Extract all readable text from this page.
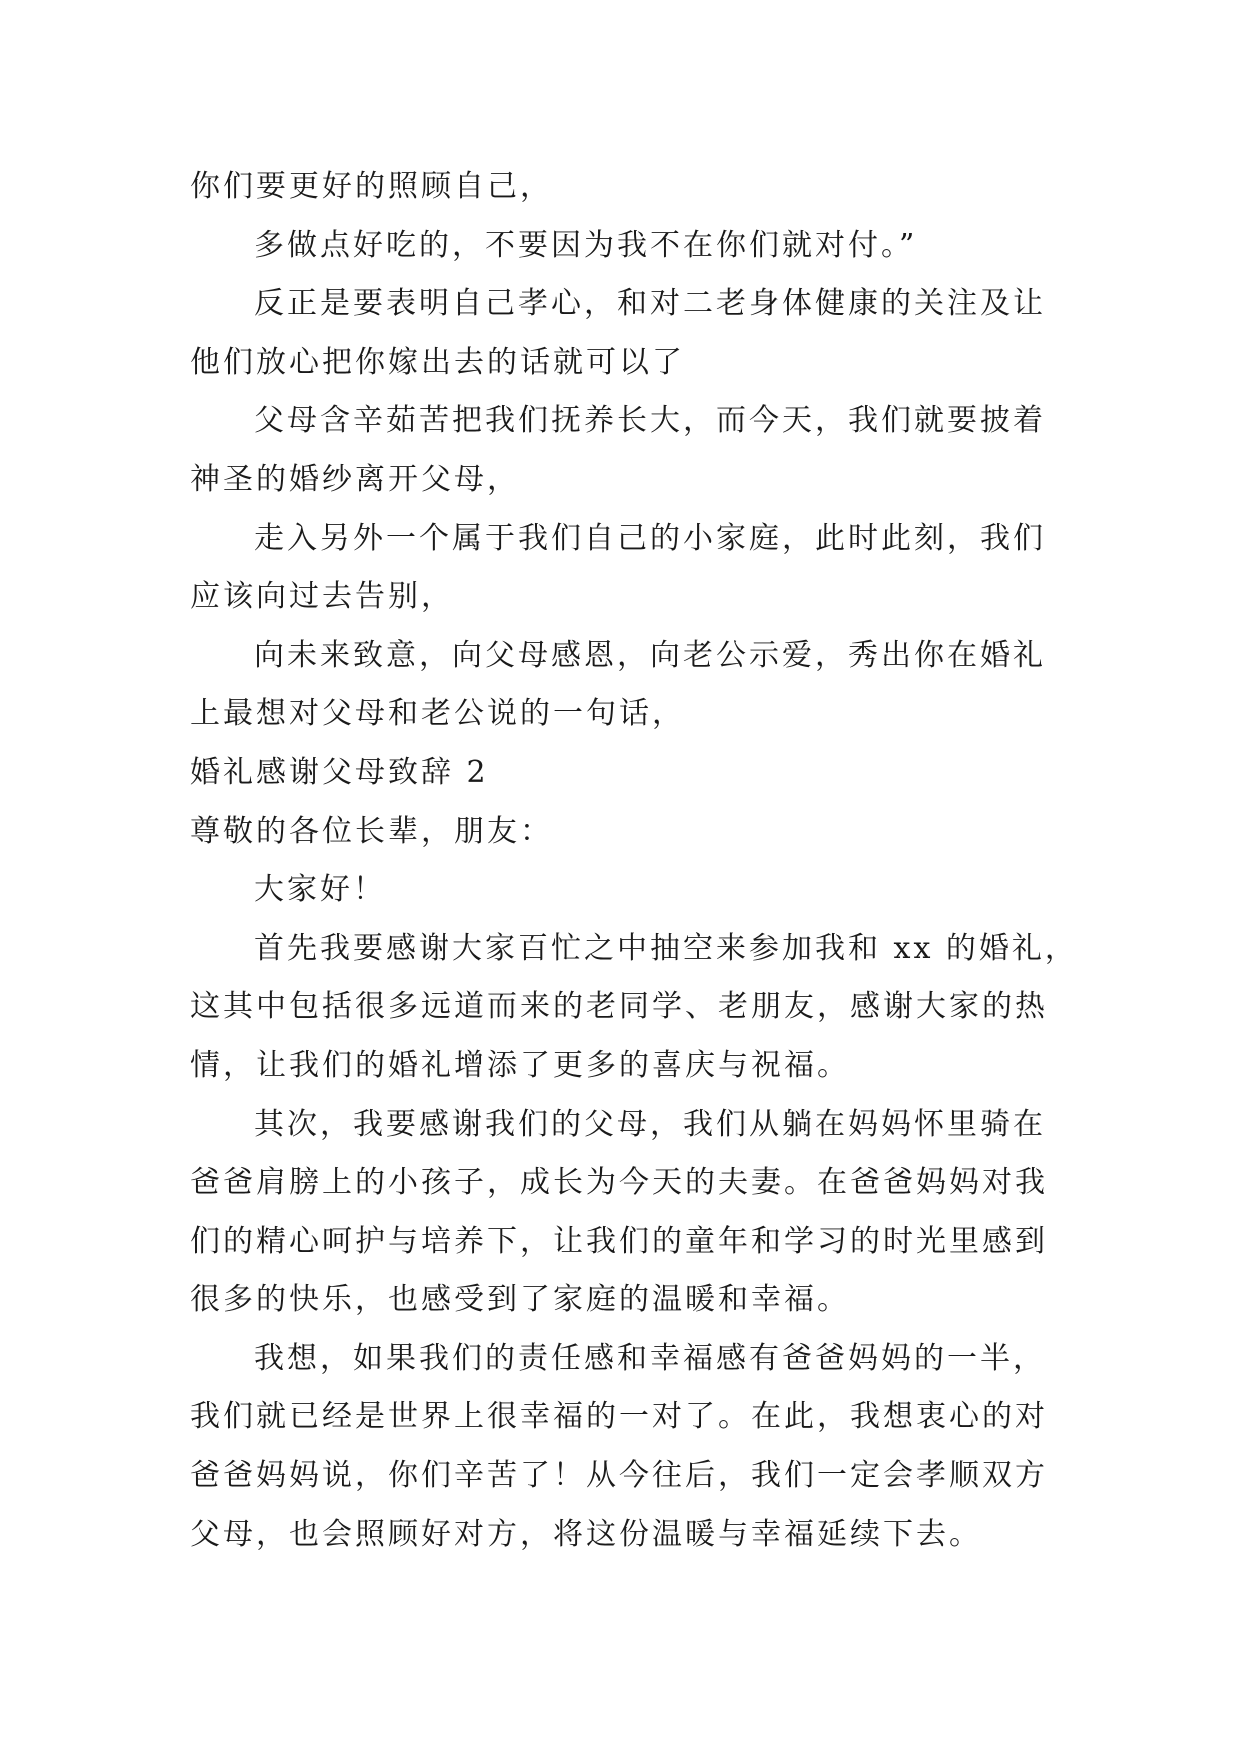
你们要更好的照顾自己，
多做点好吃的，不要因为我不在你们就对付。”
反正是要表明自己孝心，和对二老身体健康的关注及让
他们放心把你嫁出去的话就可以了
父母含辛茹苦把我们抚养长大，而今天，我们就要披着
神圣的婚纱离开父母，
走入另外一个属于我们自己的小家庭，此时此刻，我们
应该向过去告别，
向未来致意，向父母感恩，向老公示爱，秀出你在婚礼
上最想对父母和老公说的一句话，
婚礼感谢父母致辞 2
尊敬的各位长辈，朋友：
大家好！
首先我要感谢大家百忙之中抽空来参加我和 xx 的婚礼，
这其中包括很多远道而来的老同学、老朋友，感谢大家的热
情，让我们的婚礼增添了更多的喜庆与祝福。
其次，我要感谢我们的父母，我们从躺在妈妈怀里骑在
爸爸肩膀上的小孩子，成长为今天的夫妻。在爸爸妈妈对我
们的精心呵护与培养下，让我们的童年和学习的时光里感到
很多的快乐，也感受到了家庭的温暖和幸福。
我想，如果我们的责任感和幸福感有爸爸妈妈的一半，
我们就已经是世界上很幸福的一对了。在此，我想衷心的对
爸爸妈妈说，你们辛苦了！从今往后，我们一定会孝顺双方
父母，也会照顾好对方，将这份温暖与幸福延续下去。
